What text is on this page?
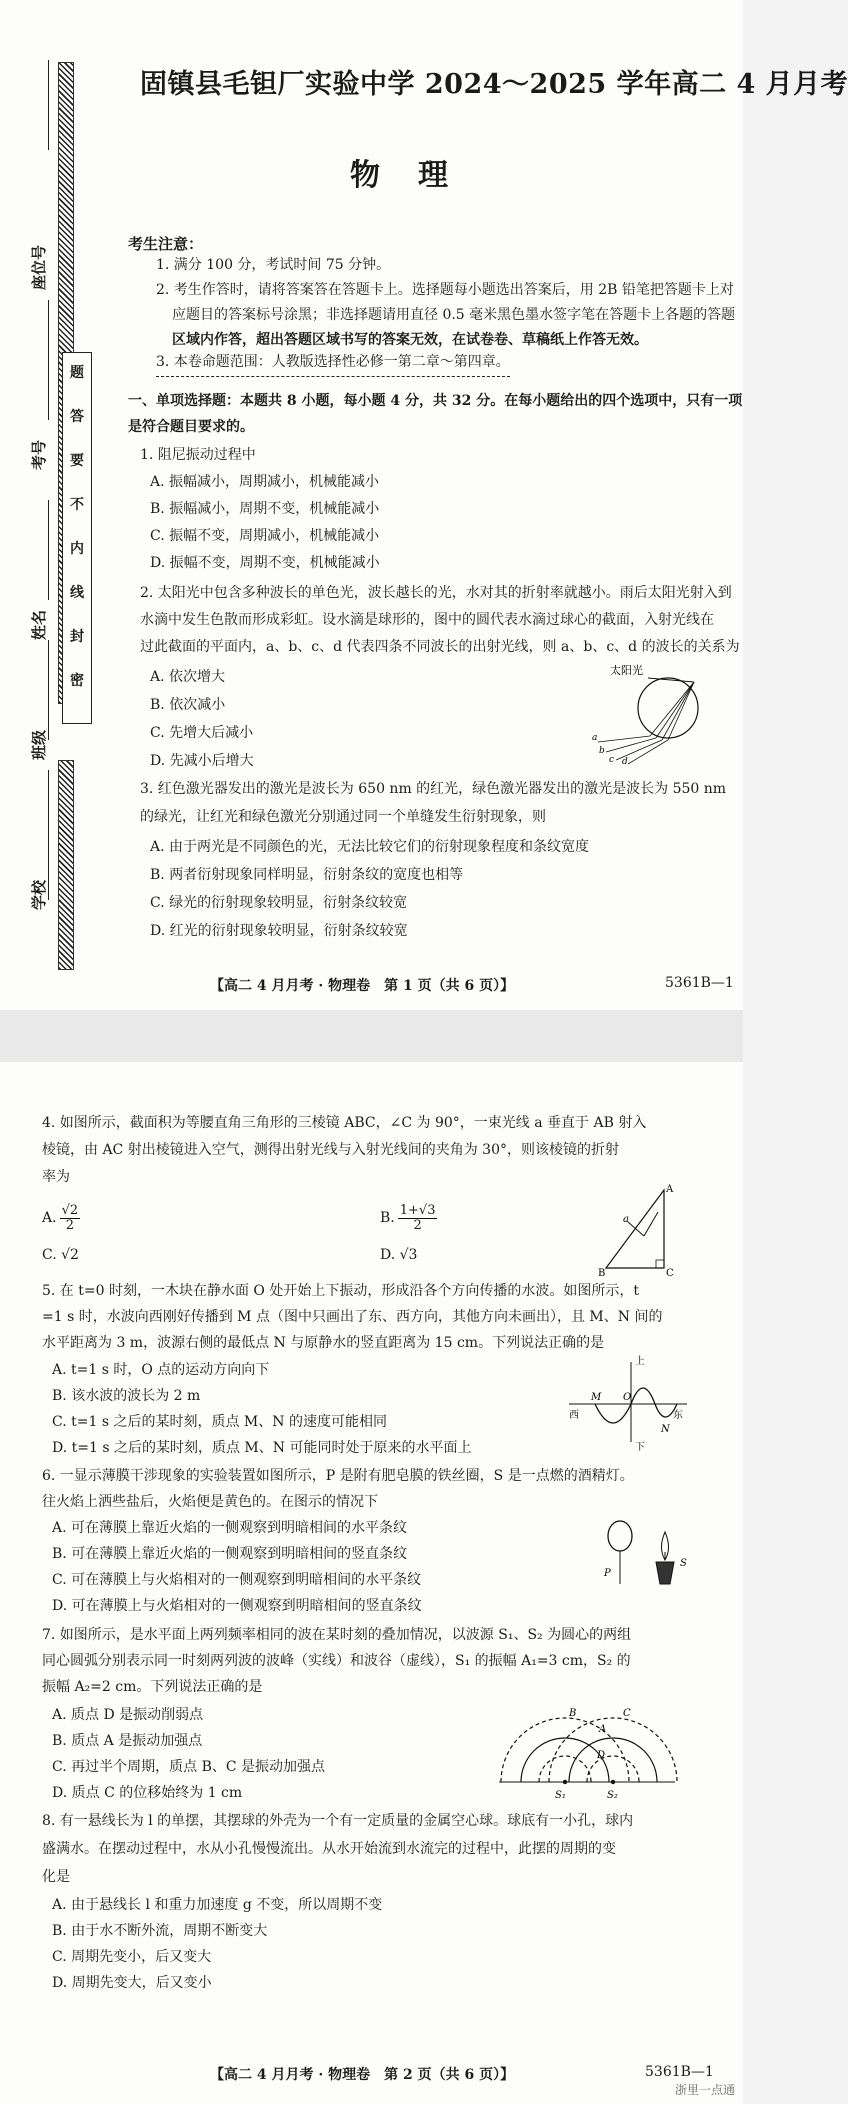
题
答
要
不
内
线
封
密
座位号
考号
姓名
班级
学校
固镇县毛钽厂实验中学 2024～2025 学年高二 4 月月考
物理
考生注意：
1. 满分 100 分，考试时间 75 分钟。
2. 考生作答时，请将答案答在答题卡上。选择题每小题选出答案后，用 2B 铅笔把答题卡上对
应题目的答案标号涂黑；非选择题请用直径 0.5 毫米黑色墨水签字笔在答题卡上各题的答题
区域内作答，超出答题区域书写的答案无效，在试卷卷、草稿纸上作答无效。
3. 本卷命题范围：人教版选择性必修一第二章～第四章。
一、单项选择题：本题共 8 小题，每小题 4 分，共 32 分。在每小题给出的四个选项中，只有一项
是符合题目要求的。
1. 阻尼振动过程中
A. 振幅减小，周期减小，机械能减小
B. 振幅减小，周期不变，机械能减小
C. 振幅不变，周期减小，机械能减小
D. 振幅不变，周期不变，机械能减小
2. 太阳光中包含多种波长的单色光，波长越长的光，水对其的折射率就越小。雨后太阳光射入到
水滴中发生色散而形成彩虹。设水滴是球形的，图中的圆代表水滴过球心的截面，入射光线在
过此截面的平面内，a、b、c、d 代表四条不同波长的出射光线，则 a、b、c、d 的波长的关系为
A. 依次增大
B. 依次减小
C. 先增大后减小
D. 先减小后增大
太阳光
a
b
c d
3. 红色激光器发出的激光是波长为 650 nm 的红光，绿色激光器发出的激光是波长为 550 nm
的绿光，让红光和绿色激光分别通过同一个单缝发生衍射现象，则
A. 由于两光是不同颜色的光，无法比较它们的衍射现象程度和条纹宽度
B. 两者衍射现象同样明显，衍射条纹的宽度也相等
C. 绿光的衍射现象较明显，衍射条纹较宽
D. 红光的衍射现象较明显，衍射条纹较宽
【高二 4 月月考 · 物理卷　第 1 页（共 6 页）】	5361B—1
4. 如图所示，截面积为等腰直角三角形的三棱镜 ABC，∠C 为 90°，一束光线 a 垂直于 AB 射入
棱镜，由 AC 射出棱镜进入空气，测得出射光线与入射光线间的夹角为 30°，则该棱镜的折射
率为
A. $\frac{√2}{2}$	B. $\frac{1+√3}{2}$
C. √2	D. √3
A
a
B	C
5. 在 t=0 时刻，一木块在静水面 O 处开始上下振动，形成沿各个方向传播的水波。如图所示，t
=1 s 时，水波向西刚好传播到 M 点（图中只画出了东、西方向，其他方向未画出），且 M、N 间的
水平距离为 3 m，波源右侧的最低点 N 与原静水的竖直距离为 15 cm。下列说法正确的是
A. t=1 s 时，O 点的运动方向向下
B. 该水波的波长为 2 m
C. t=1 s 之后的某时刻，质点 M、N 的速度可能相同
D. t=1 s 之后的某时刻，质点 M、N 可能同时处于原来的水平面上
上
西
M O
N
东
下
6. 一显示薄膜干涉现象的实验装置如图所示，P 是附有肥皂膜的铁丝圈，S 是一点燃的酒精灯。
往火焰上洒些盐后，火焰便是黄色的。在图示的情况下
A. 可在薄膜上靠近火焰的一侧观察到明暗相间的水平条纹
B. 可在薄膜上靠近火焰的一侧观察到明暗相间的竖直条纹
C. 可在薄膜上与火焰相对的一侧观察到明暗相间的水平条纹
D. 可在薄膜上与火焰相对的一侧观察到明暗相间的竖直条纹
P
S
7. 如图所示，是水平面上两列频率相同的波在某时刻的叠加情况，以波源 S₁、S₂ 为圆心的两组
同心圆弧分别表示同一时刻两列波的波峰（实线）和波谷（虚线），S₁ 的振幅 A₁=3 cm，S₂ 的
振幅 A₂=2 cm。下列说法正确的是
A. 质点 D 是振动削弱点
B. 质点 A 是振动加强点
C. 再过半个周期，质点 B、C 是振动加强点
D. 质点 C 的位移始终为 1 cm
A
B	C
D
S₁	S₂
8. 有一悬线长为 l 的单摆，其摆球的外壳为一个有一定质量的金属空心球。球底有一小孔，球内
盛满水。在摆动过程中，水从小孔慢慢流出。从水开始流到水流完的过程中，此摆的周期的变
化是
A. 由于悬线长 l 和重力加速度 g 不变，所以周期不变
B. 由于水不断外流，周期不断变大
C. 周期先变小，后又变大
D. 周期先变大，后又变小
【高二 4 月月考 · 物理卷　第 2 页（共 6 页）】	5361B—1
浙里一点通
